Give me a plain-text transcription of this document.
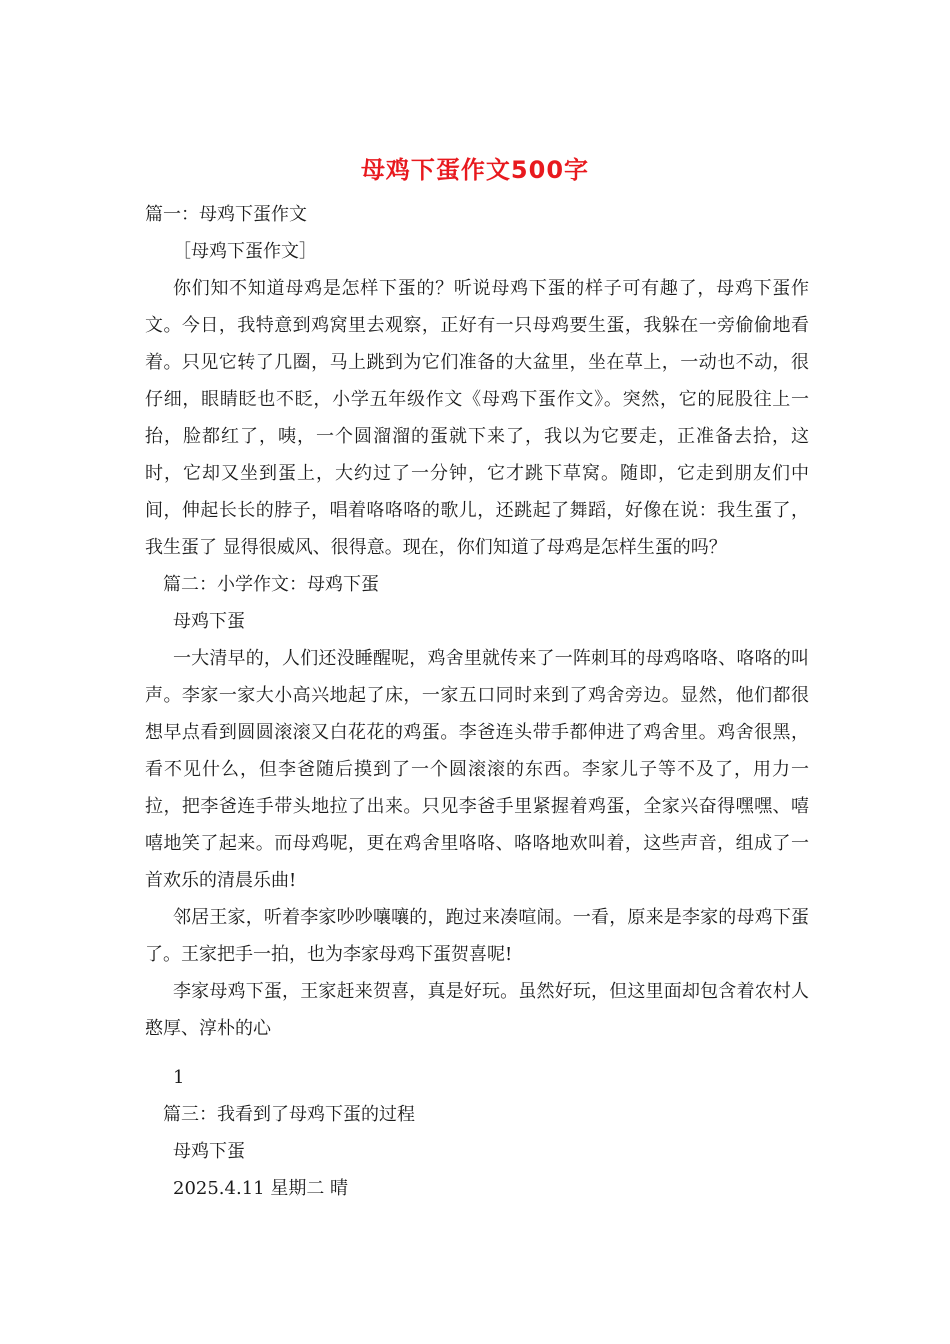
母鸡下蛋作文500字

篇一：母鸡下蛋作文

［母鸡下蛋作文］

你们知不知道母鸡是怎样下蛋的？听说母鸡下蛋的样子可有趣了，母鸡下蛋作文。今日，我特意到鸡窝里去观察，正好有一只母鸡要生蛋，我躲在一旁偷偷地看着。只见它转了几圈，马上跳到为它们准备的大盆里，坐在草上，一动也不动，很仔细，眼睛眨也不眨，小学五年级作文《母鸡下蛋作文》。突然，它的屁股往上一抬，脸都红了，咦，一个圆溜溜的蛋就下来了，我以为它要走，正准备去拾，这时，它却又坐到蛋上，大约过了一分钟，它才跳下草窝。随即，它走到朋友们中间，伸起长长的脖子，唱着咯咯咯的歌儿，还跳起了舞蹈，好像在说：我生蛋了，我生蛋了 显得很威风、很得意。现在，你们知道了母鸡是怎样生蛋的吗？

篇二：小学作文：母鸡下蛋

母鸡下蛋

一大清早的，人们还没睡醒呢，鸡舍里就传来了一阵刺耳的母鸡咯咯、咯咯的叫声。李家一家大小高兴地起了床，一家五口同时来到了鸡舍旁边。显然，他们都很想早点看到圆圆滚滚又白花花的鸡蛋。李爸连头带手都伸进了鸡舍里。鸡舍很黑，看不见什么，但李爸随后摸到了一个圆滚滚的东西。李家儿子等不及了，用力一拉，把李爸连手带头地拉了出来。只见李爸手里紧握着鸡蛋，全家兴奋得嘿嘿、嘻嘻地笑了起来。而母鸡呢，更在鸡舍里咯咯、咯咯地欢叫着，这些声音，组成了一首欢乐的清晨乐曲!

邻居王家，听着李家吵吵嚷嚷的，跑过来凑喧闹。一看，原来是李家的母鸡下蛋了。王家把手一拍，也为李家母鸡下蛋贺喜呢!

李家母鸡下蛋，王家赶来贺喜，真是好玩。虽然好玩，但这里面却包含着农村人憨厚、淳朴的心

1

篇三：我看到了母鸡下蛋的过程

母鸡下蛋

2025.4.11 星期二 晴
